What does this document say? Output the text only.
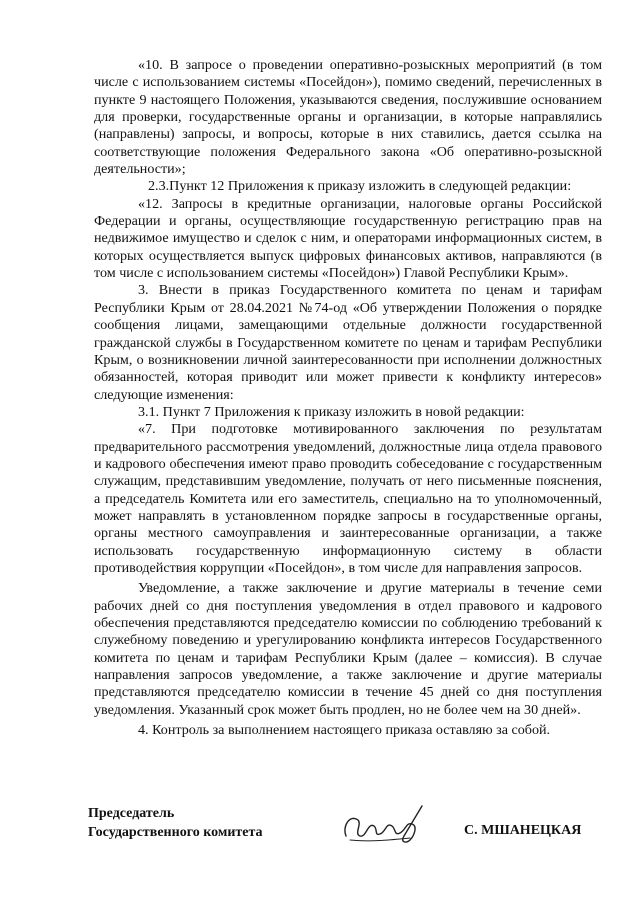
«10. В запросе о проведении оперативно-розыскных мероприятий (в том числе с использованием системы «Посейдон»), помимо сведений, перечисленных в пункте 9 настоящего Положения, указываются сведения, послужившие основанием для проверки, государственные органы и организации, в которые направлялись (направлены) запросы, и вопросы, которые в них ставились, дается ссылка на соответствующие положения Федерального закона «Об оперативно-розыскной деятельности»;

2.3.Пункт 12 Приложения к приказу изложить в следующей редакции:

«12. Запросы в кредитные организации, налоговые органы Российской Федерации и органы, осуществляющие государственную регистрацию прав на недвижимое имущество и сделок с ним, и операторами информационных систем, в которых осуществляется выпуск цифровых финансовых активов, направляются (в том числе с использованием системы «Посейдон») Главой Республики Крым».

3. Внести в приказ Государственного комитета по ценам и тарифам Республики Крым от 28.04.2021 №74-од «Об утверждении Положения о порядке сообщения лицами, замещающими отдельные должности государственной гражданской службы в Государственном комитете по ценам и тарифам Республики Крым, о возникновении личной заинтересованности при исполнении должностных обязанностей, которая приводит или может привести к конфликту интересов» следующие изменения:

3.1. Пункт 7 Приложения к приказу изложить в новой редакции:

«7. При подготовке мотивированного заключения по результатам предварительного рассмотрения уведомлений, должностные лица отдела правового и кадрового обеспечения имеют право проводить собеседование с государственным служащим, представившим уведомление, получать от него письменные пояснения, а председатель Комитета или его заместитель, специально на то уполномоченный, может направлять в установленном порядке запросы в государственные органы, органы местного самоуправления и заинтересованные организации, а также использовать государственную информационную систему в области противодействия коррупции «Посейдон», в том числе для направления запросов.

Уведомление, а также заключение и другие материалы в течение семи рабочих дней со дня поступления уведомления в отдел правового и кадрового обеспечения представляются председателю комиссии по соблюдению требований к служебному поведению и урегулированию конфликта интересов Государственного комитета по ценам и тарифам Республики Крым (далее – комиссия). В случае направления запросов уведомление, а также заключение и другие материалы представляются председателю комиссии в течение 45 дней со дня поступления уведомления. Указанный срок может быть продлен, но не более чем на 30 дней».

4. Контроль за выполнением настоящего приказа оставляю за собой.

Председатель
Государственного комитета	С. МШАНЕЦКАЯ
